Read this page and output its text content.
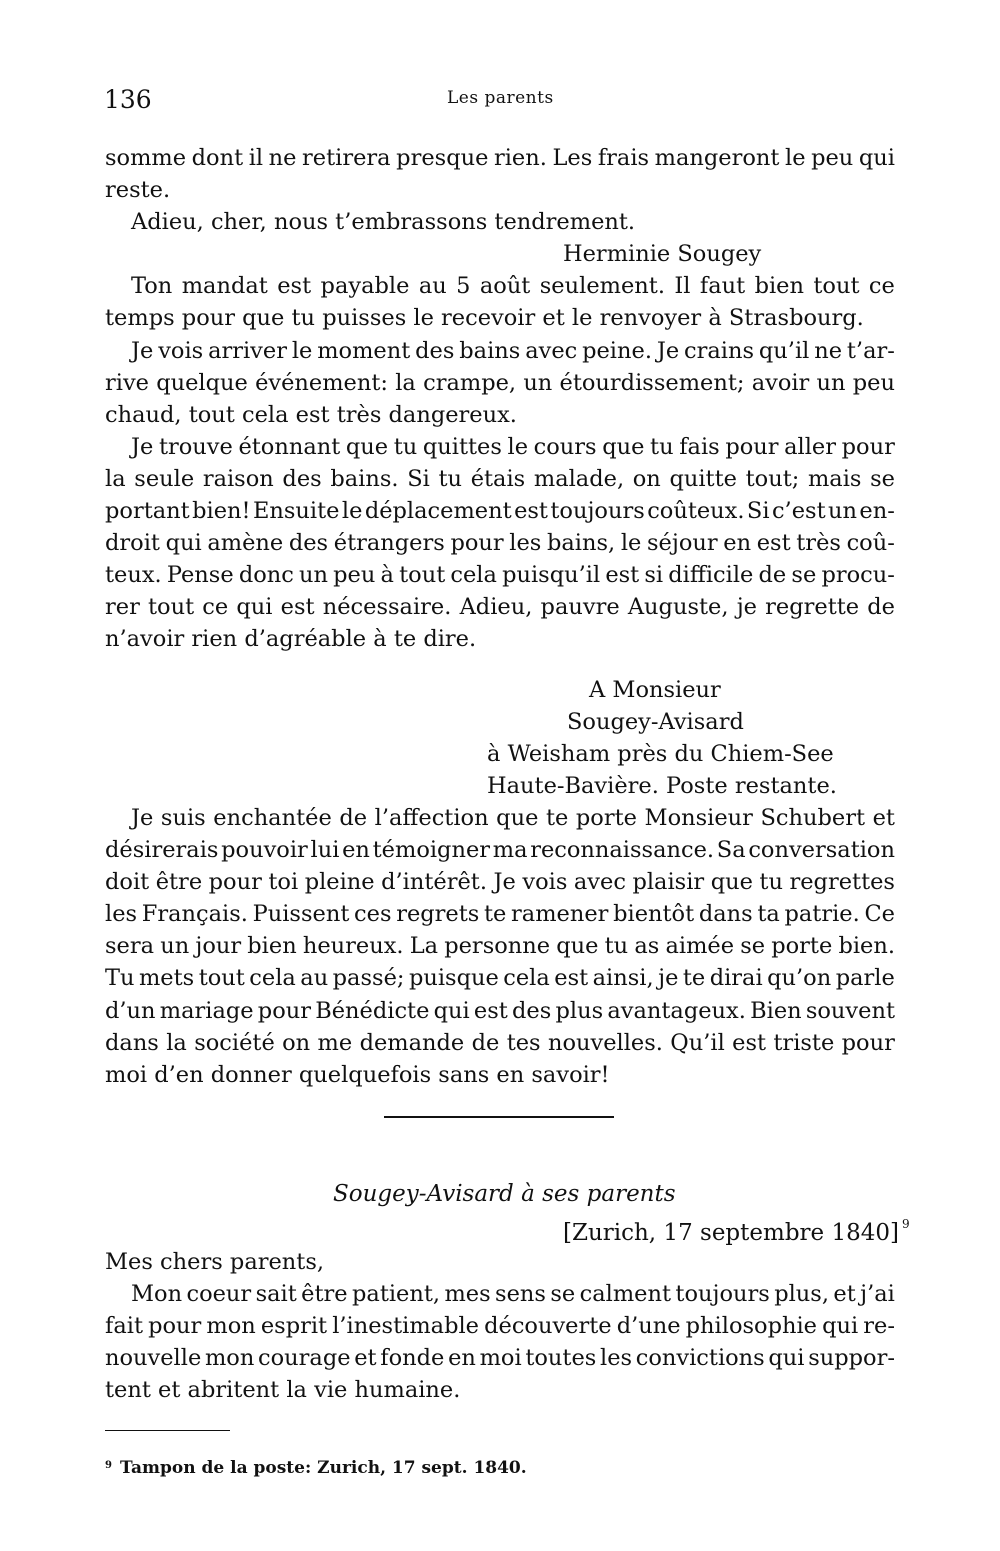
136	Les parents
somme dont il ne retirera presque rien. Les frais mangeront le peu qui
reste.
Adieu, cher, nous t’embrassons tendrement.
Herminie Sougey
Ton mandat est payable au 5 août seulement. Il faut bien tout ce
temps pour que tu puisses le recevoir et le renvoyer à Strasbourg.
Je vois arriver le moment des bains avec peine. Je crains qu’il ne t’ar-
rive quelque événement: la crampe, un étourdissement; avoir un peu
chaud, tout cela est très dangereux.
Je trouve étonnant que tu quittes le cours que tu fais pour aller pour
la seule raison des bains. Si tu étais malade, on quitte tout; mais se
portant bien! Ensuite le déplacement est toujours coûteux. Si c’est un en-
droit qui amène des étrangers pour les bains, le séjour en est très coû-
teux. Pense donc un peu à tout cela puisqu’il est si difficile de se procu-
rer tout ce qui est nécessaire. Adieu, pauvre Auguste, je regrette de
n’avoir rien d’agréable à te dire.
A Monsieur
Sougey-Avisard
à Weisham près du Chiem-See
Haute-Bavière. Poste restante.
Je suis enchantée de l’affection que te porte Monsieur Schubert et
désirerais pouvoir lui en témoigner ma reconnaissance. Sa conversation
doit être pour toi pleine d’intérêt. Je vois avec plaisir que tu regrettes
les Français. Puissent ces regrets te ramener bientôt dans ta patrie. Ce
sera un jour bien heureux. La personne que tu as aimée se porte bien.
Tu mets tout cela au passé; puisque cela est ainsi, je te dirai qu’on parle
d’un mariage pour Bénédicte qui est des plus avantageux. Bien souvent
dans la société on me demande de tes nouvelles. Qu’il est triste pour
moi d’en donner quelquefois sans en savoir!
Sougey-Avisard à ses parents
[Zurich, 17 septembre 1840] $^9$
Mes chers parents,
Mon coeur sait être patient, mes sens se calment toujours plus, et j’ai
fait pour mon esprit l’inestimable découverte d’une philosophie qui re-
nouvelle mon courage et fonde en moi toutes les convictions qui suppor-
tent et abritent la vie humaine.
$^9$ Tampon de la poste: Zurich, 17 sept. 1840.
